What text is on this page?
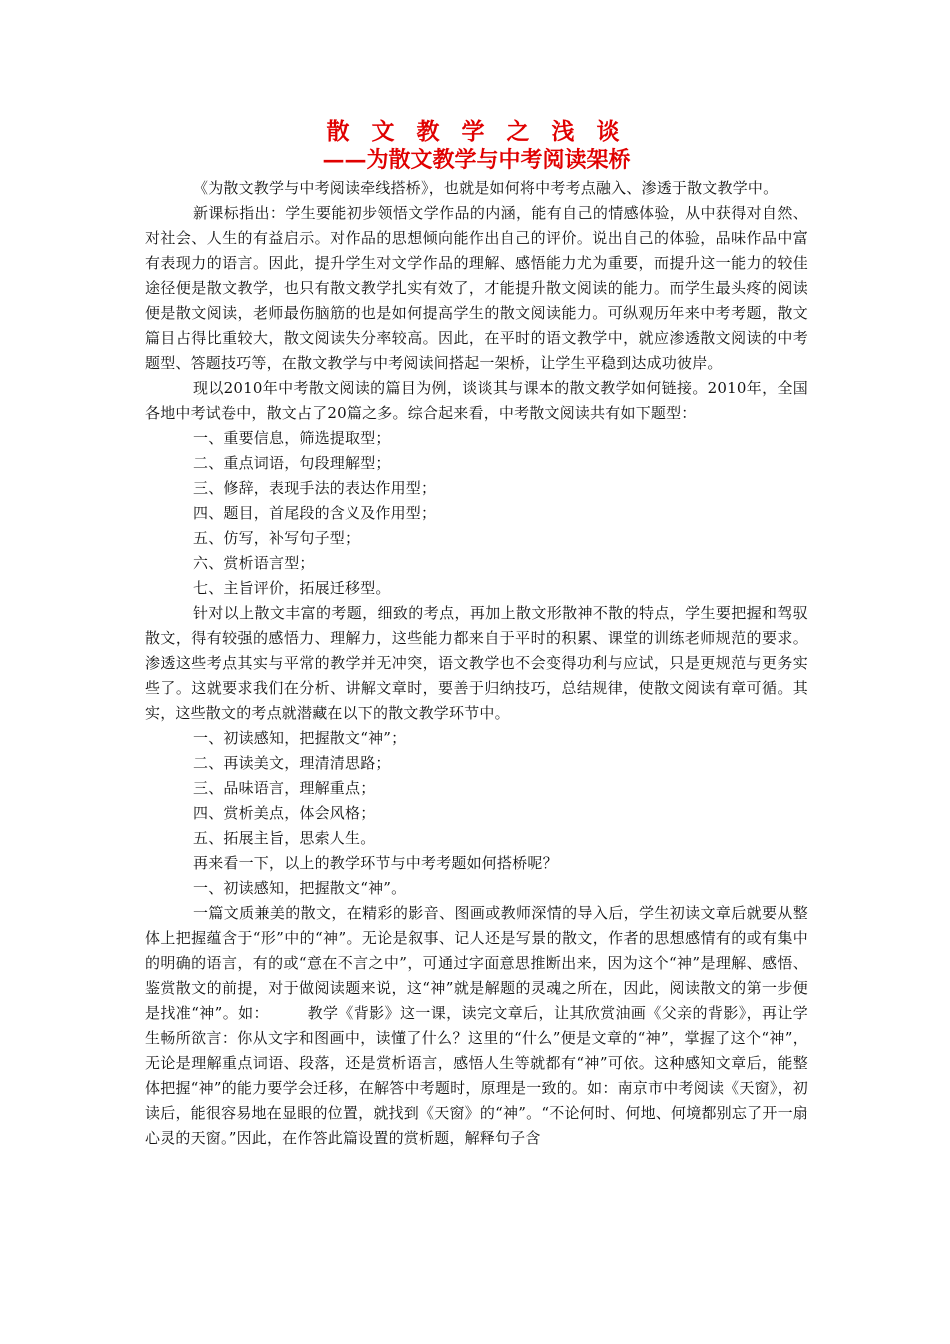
散 文 教 学 之 浅 谈
——为散文教学与中考阅读架桥

《为散文教学与中考阅读牵线搭桥》，也就是如何将中考考点融入、渗透于散文教学中。

新课标指出：学生要能初步领悟文学作品的内涵，能有自己的情感体验，从中获得对自然、对社会、人生的有益启示。对作品的思想倾向能作出自己的评价。说出自己的体验，品味作品中富有表现力的语言。因此，提升学生对文学作品的理解、感悟能力尤为重要，而提升这一能力的较佳途径便是散文教学，也只有散文教学扎实有效了，才能提升散文阅读的能力。而学生最头疼的阅读便是散文阅读，老师最伤脑筋的也是如何提高学生的散文阅读能力。可纵观历年来中考考题，散文篇目占得比重较大，散文阅读失分率较高。因此，在平时的语文教学中，就应渗透散文阅读的中考题型、答题技巧等，在散文教学与中考阅读间搭起一架桥，让学生平稳到达成功彼岸。

现以2010年中考散文阅读的篇目为例，谈谈其与课本的散文教学如何链接。2010年，全国各地中考试卷中，散文占了20篇之多。综合起来看，中考散文阅读共有如下题型：

一、重要信息，筛选提取型；

二、重点词语，句段理解型；

三、修辞，表现手法的表达作用型；

四、题目，首尾段的含义及作用型；

五、仿写，补写句子型；

六、赏析语言型；

七、主旨评价，拓展迁移型。

针对以上散文丰富的考题，细致的考点，再加上散文形散神不散的特点，学生要把握和驾驭散文，得有较强的感悟力、理解力，这些能力都来自于平时的积累、课堂的训练老师规范的要求。渗透这些考点其实与平常的教学并无冲突，语文教学也不会变得功利与应试，只是更规范与更务实些了。这就要求我们在分析、讲解文章时，要善于归纳技巧，总结规律，使散文阅读有章可循。其实，这些散文的考点就潜藏在以下的散文教学环节中。

一、初读感知，把握散文“神”；

二、再读美文，理清清思路；

三、品味语言，理解重点；

四、赏析美点，体会风格；

五、拓展主旨，思索人生。

再来看一下，以上的教学环节与中考考题如何搭桥呢？

一、初读感知，把握散文“神”。

一篇文质兼美的散文，在精彩的影音、图画或教师深情的导入后，学生初读文章后就要从整体上把握蕴含于“形”中的“神”。无论是叙事、记人还是写景的散文，作者的思想感情有的或有集中的明确的语言，有的或“意在不言之中”，可通过字面意思推断出来，因为这个“神”是理解、感悟、鉴赏散文的前提，对于做阅读题来说，这“神”就是解题的灵魂之所在，因此，阅读散文的第一步便是找准“神”。如：　　　教学《背影》这一课，读完文章后，让其欣赏油画《父亲的背影》，再让学生畅所欲言：你从文字和图画中，读懂了什么？这里的“什么”便是文章的“神”，掌握了这个“神”，无论是理解重点词语、段落，还是赏析语言，感悟人生等就都有“神”可依。这种感知文章后，能整体把握“神”的能力要学会迁移，在解答中考题时，原理是一致的。如：南京市中考阅读《天窗》，初读后，能很容易地在显眼的位置，就找到《天窗》的“神”。“不论何时、何地、何境都别忘了开一扇心灵的天窗。”因此，在作答此篇设置的赏析题，解释句子含
